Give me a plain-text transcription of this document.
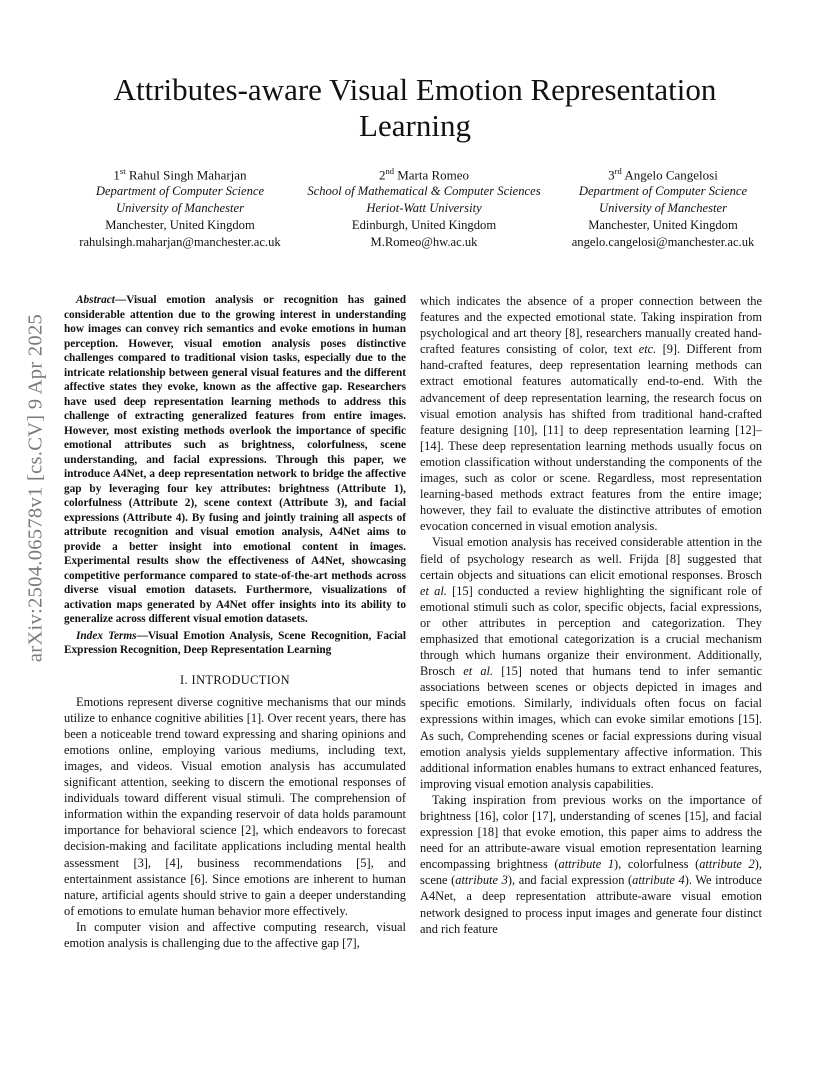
arXiv:2504.06578v1 [cs.CV] 9 Apr 2025
Attributes-aware Visual Emotion Representation Learning
1st Rahul Singh Maharjan
Department of Computer Science
University of Manchester
Manchester, United Kingdom
rahulsingh.maharjan@manchester.ac.uk
2nd Marta Romeo
School of Mathematical & Computer Sciences
Heriot-Watt University
Edinburgh, United Kingdom
M.Romeo@hw.ac.uk
3rd Angelo Cangelosi
Department of Computer Science
University of Manchester
Manchester, United Kingdom
angelo.cangelosi@manchester.ac.uk

Abstract—Visual emotion analysis or recognition has gained considerable attention due to the growing interest in understanding how images can convey rich semantics and evoke emotions in human perception. However, visual emotion analysis poses distinctive challenges compared to traditional vision tasks, especially due to the intricate relationship between general visual features and the different affective states they evoke, known as the affective gap. Researchers have used deep representation learning methods to address this challenge of extracting generalized features from entire images. However, most existing methods overlook the importance of specific emotional attributes such as brightness, colorfulness, scene understanding, and facial expressions. Through this paper, we introduce A4Net, a deep representation network to bridge the affective gap by leveraging four key attributes: brightness (Attribute 1), colorfulness (Attribute 2), scene context (Attribute 3), and facial expressions (Attribute 4). By fusing and jointly training all aspects of attribute recognition and visual emotion analysis, A4Net aims to provide a better insight into emotional content in images. Experimental results show the effectiveness of A4Net, showcasing competitive performance compared to state-of-the-art methods across diverse visual emotion datasets. Furthermore, visualizations of activation maps generated by A4Net offer insights into its ability to generalize across different visual emotion datasets.

Index Terms—Visual Emotion Analysis, Scene Recognition, Facial Expression Recognition, Deep Representation Learning

I. INTRODUCTION

Emotions represent diverse cognitive mechanisms that our minds utilize to enhance cognitive abilities [1]. Over recent years, there has been a noticeable trend toward expressing and sharing opinions and emotions online, employing various mediums, including text, images, and videos. Visual emotion analysis has accumulated significant attention, seeking to discern the emotional responses of individuals toward different visual stimuli. The comprehension of information within the expanding reservoir of data holds paramount importance for behavioral science [2], which endeavors to forecast decision-making and facilitate applications including mental health assessment [3], [4], business recommendations [5], and entertainment assistance [6]. Since emotions are inherent to human nature, artificial agents should strive to gain a deeper understanding of emotions to emulate human behavior more effectively.

In computer vision and affective computing research, visual emotion analysis is challenging due to the affective gap [7],

which indicates the absence of a proper connection between the features and the expected emotional state. Taking inspiration from psychological and art theory [8], researchers manually created hand-crafted features consisting of color, text etc. [9]. Different from hand-crafted features, deep representation learning methods can extract emotional features automatically end-to-end. With the advancement of deep representation learning, the research focus on visual emotion analysis has shifted from traditional hand-crafted feature designing [10], [11] to deep representation learning [12]–[14]. These deep representation learning methods usually focus on emotion classification without understanding the components of the images, such as color or scene. Regardless, most representation learning-based methods extract features from the entire image; however, they fail to evaluate the distinctive attributes of emotion evocation concerned in visual emotion analysis.

Visual emotion analysis has received considerable attention in the field of psychology research as well. Frijda [8] suggested that certain objects and situations can elicit emotional responses. Brosch et al. [15] conducted a review highlighting the significant role of emotional stimuli such as color, specific objects, facial expressions, or other attributes in perception and categorization. They emphasized that emotional categorization is a crucial mechanism through which humans organize their environment. Additionally, Brosch et al. [15] noted that humans tend to infer semantic associations between scenes or objects depicted in images and specific emotions. Similarly, individuals often focus on facial expressions within images, which can evoke similar emotions [15]. As such, Comprehending scenes or facial expressions during visual emotion analysis yields supplementary affective information. This additional information enables humans to extract enhanced features, improving visual emotion analysis capabilities.

Taking inspiration from previous works on the importance of brightness [16], color [17], understanding of scenes [15], and facial expression [18] that evoke emotion, this paper aims to address the need for an attribute-aware visual emotion representation learning encompassing brightness (attribute 1), colorfulness (attribute 2), scene (attribute 3), and facial expression (attribute 4). We introduce A4Net, a deep representation attribute-aware visual emotion network designed to process input images and generate four distinct and rich feature
